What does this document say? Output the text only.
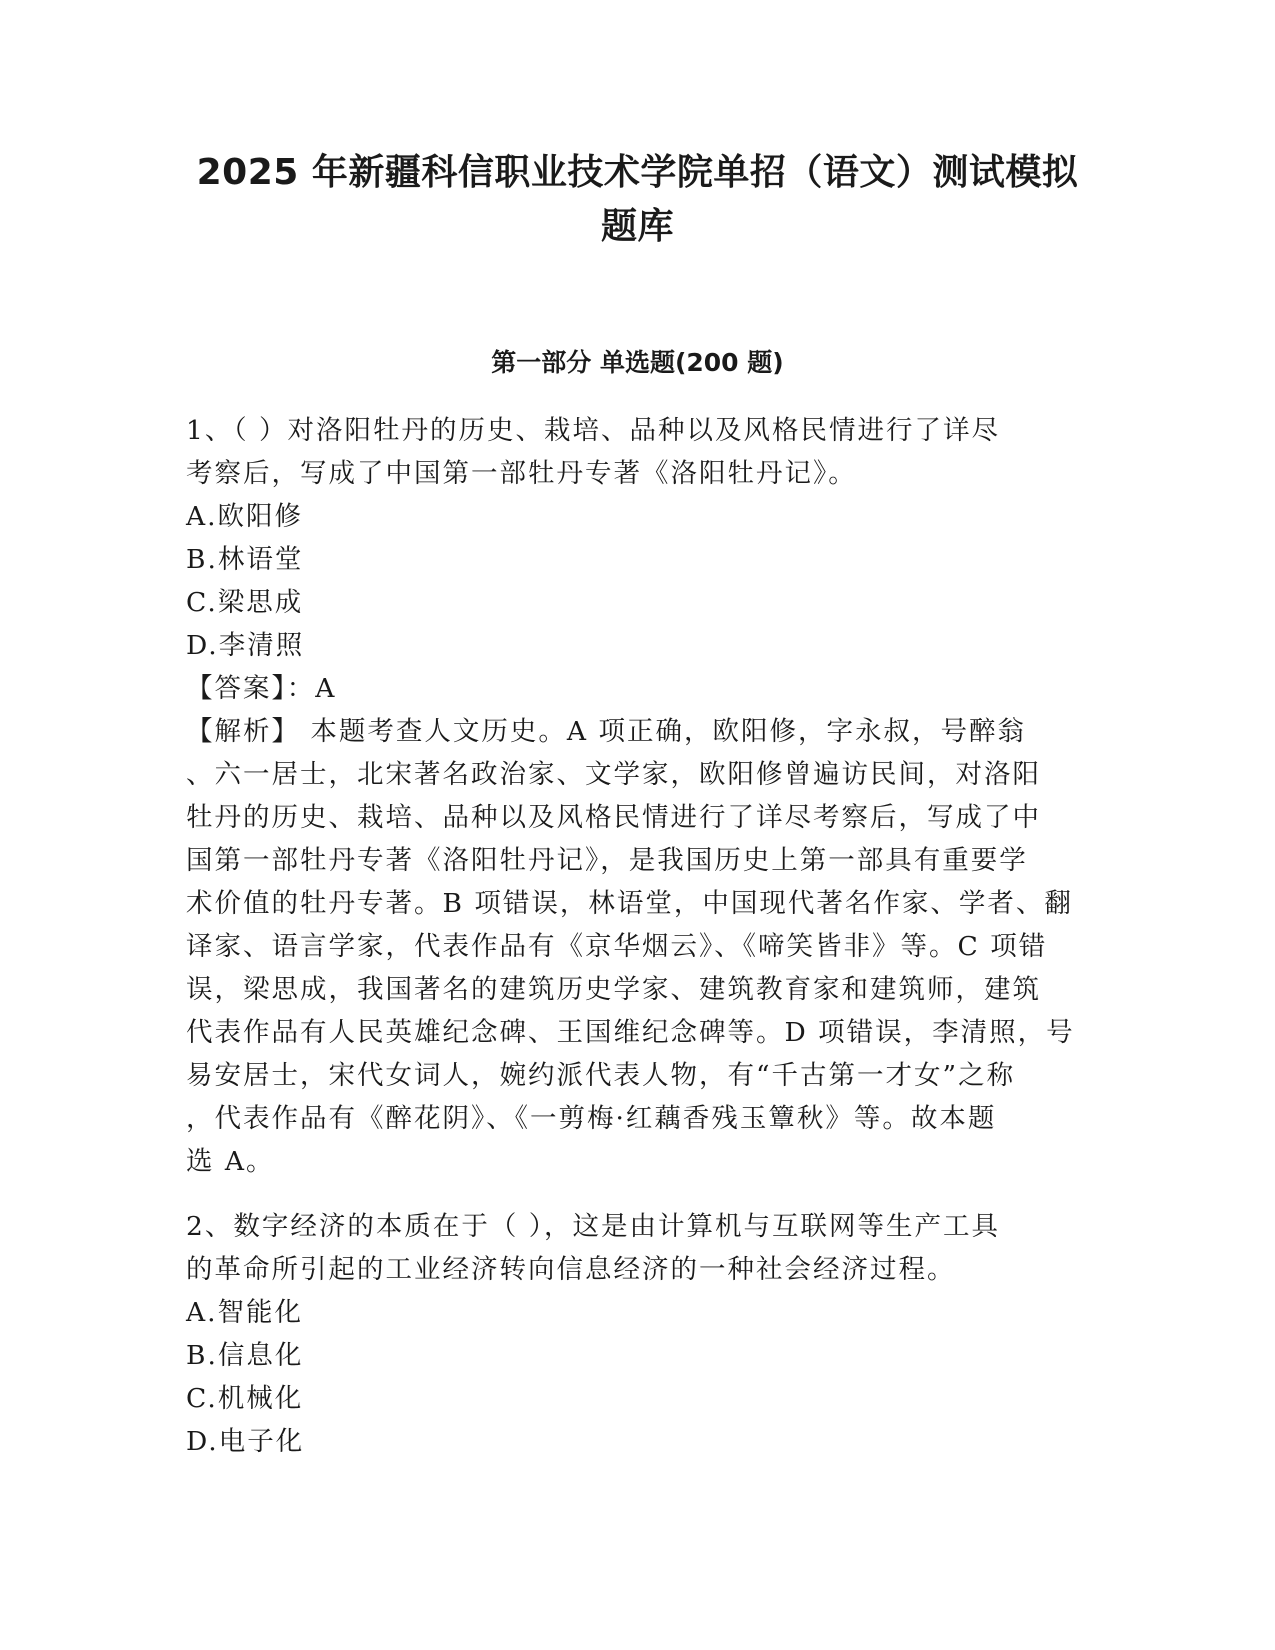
2025 年新疆科信职业技术学院单招（语文）测试模拟
题库
第一部分 单选题(200 题)
1、（ ）对洛阳牡丹的历史、栽培、品种以及风格民情进行了详尽
考察后，写成了中国第一部牡丹专著《洛阳牡丹记》。
A.欧阳修
B.林语堂
C.梁思成
D.李清照
【答案】：A
【解析】 本题考查人文历史。A 项正确，欧阳修，字永叔，号醉翁
、六一居士，北宋著名政治家、文学家，欧阳修曾遍访民间，对洛阳
牡丹的历史、栽培、品种以及风格民情进行了详尽考察后，写成了中
国第一部牡丹专著《洛阳牡丹记》，是我国历史上第一部具有重要学
术价值的牡丹专著。B 项错误，林语堂，中国现代著名作家、学者、翻
译家、语言学家，代表作品有《京华烟云》、《啼笑皆非》等。C 项错
误，梁思成，我国著名的建筑历史学家、建筑教育家和建筑师，建筑
代表作品有人民英雄纪念碑、王国维纪念碑等。D 项错误，李清照，号
易安居士，宋代女词人，婉约派代表人物，有“千古第一才女”之称
，代表作品有《醉花阴》、《一剪梅·红藕香残玉簟秋》等。故本题
选 A。
2、数字经济的本质在于（ ），这是由计算机与互联网等生产工具
的革命所引起的工业经济转向信息经济的一种社会经济过程。
A.智能化
B.信息化
C.机械化
D.电子化
